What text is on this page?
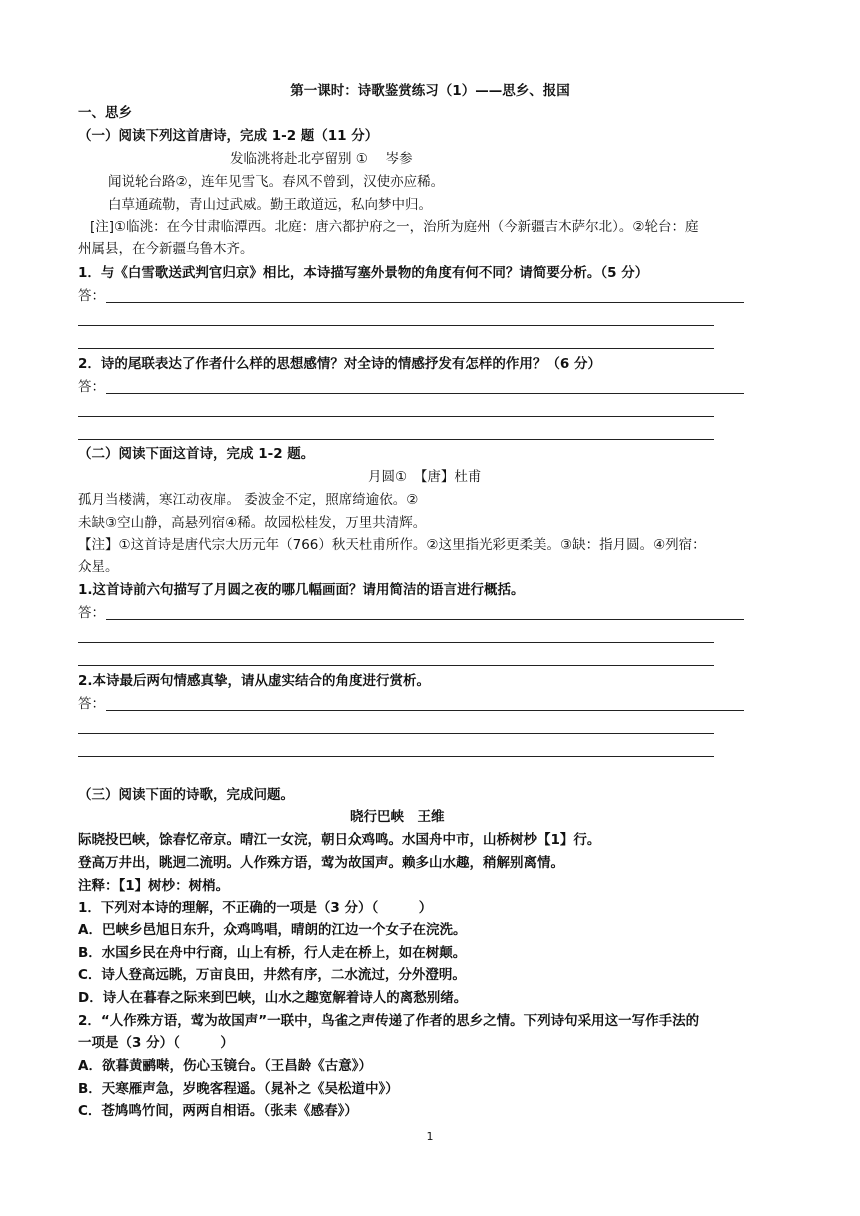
第一课时：诗歌鉴赏练习（1）——思乡、报国
一、思乡
（一）阅读下列这首唐诗，完成 1-2 题（11 分）
发临洮将赴北亭留别 ①　 岑参
闻说轮台路②，连年见雪飞。春风不曾到，汉使亦应稀。
白草通疏勒，青山过武威。勤王敢道远，私向梦中归。
[注]①临洮：在今甘肃临潭西。北庭：唐六都护府之一，治所为庭州（今新疆吉木萨尔北）。②轮台：庭
州属县，在今新疆乌鲁木齐。
1．与《白雪歌送武判官归京》相比，本诗描写塞外景物的角度有何不同？请简要分析。（5 分）
答：
2．诗的尾联表达了作者什么样的思想感情？对全诗的情感抒发有怎样的作用？（6 分）
答：
（二）阅读下面这首诗，完成 1-2 题。
月圆①　【唐】杜甫
孤月当楼满，寒江动夜扉。 委波金不定，照席绮逾依。②
未缺③空山静，高悬列宿④稀。故园松桂发，万里共清辉。
【注】①这首诗是唐代宗大历元年（766）秋天杜甫所作。②这里指光彩更柔美。③缺：指月圆。④列宿：
众星。
1.这首诗前六句描写了月圆之夜的哪几幅画面？请用简洁的语言进行概括。
答：
2.本诗最后两句情感真挚，请从虚实结合的角度进行赏析。
答：
（三）阅读下面的诗歌，完成问题。
晓行巴峡　王维
际晓投巴峡，馀春忆帝京。晴江一女浣，朝日众鸡鸣。水国舟中市，山桥树杪【1】行。
登高万井出，眺迥二流明。人作殊方语，莺为故国声。赖多山水趣，稍解别离情。
注释：【1】树杪：树梢。
1．下列对本诗的理解，不正确的一项是（3 分）（　　　）
A．巴峡乡邑旭日东升，众鸡鸣唱，晴朗的江边一个女子在浣洗。
B．水国乡民在舟中行商，山上有桥，行人走在桥上，如在树颠。
C．诗人登高远眺，万亩良田，井然有序，二水流过，分外澄明。
D．诗人在暮春之际来到巴峡，山水之趣宽解着诗人的离愁别绪。
2．“人作殊方语，莺为故国声”一联中，鸟雀之声传递了作者的思乡之情。下列诗句采用这一写作手法的
一项是（3 分）（　　　）
A．欲暮黄鹂啭，伤心玉镜台。（王昌龄《古意》）
B．天寒雁声急，岁晚客程遥。（晁补之《吴松道中》）
C．苍鸠鸣竹间，两两自相语。（张耒《感春》）
1
